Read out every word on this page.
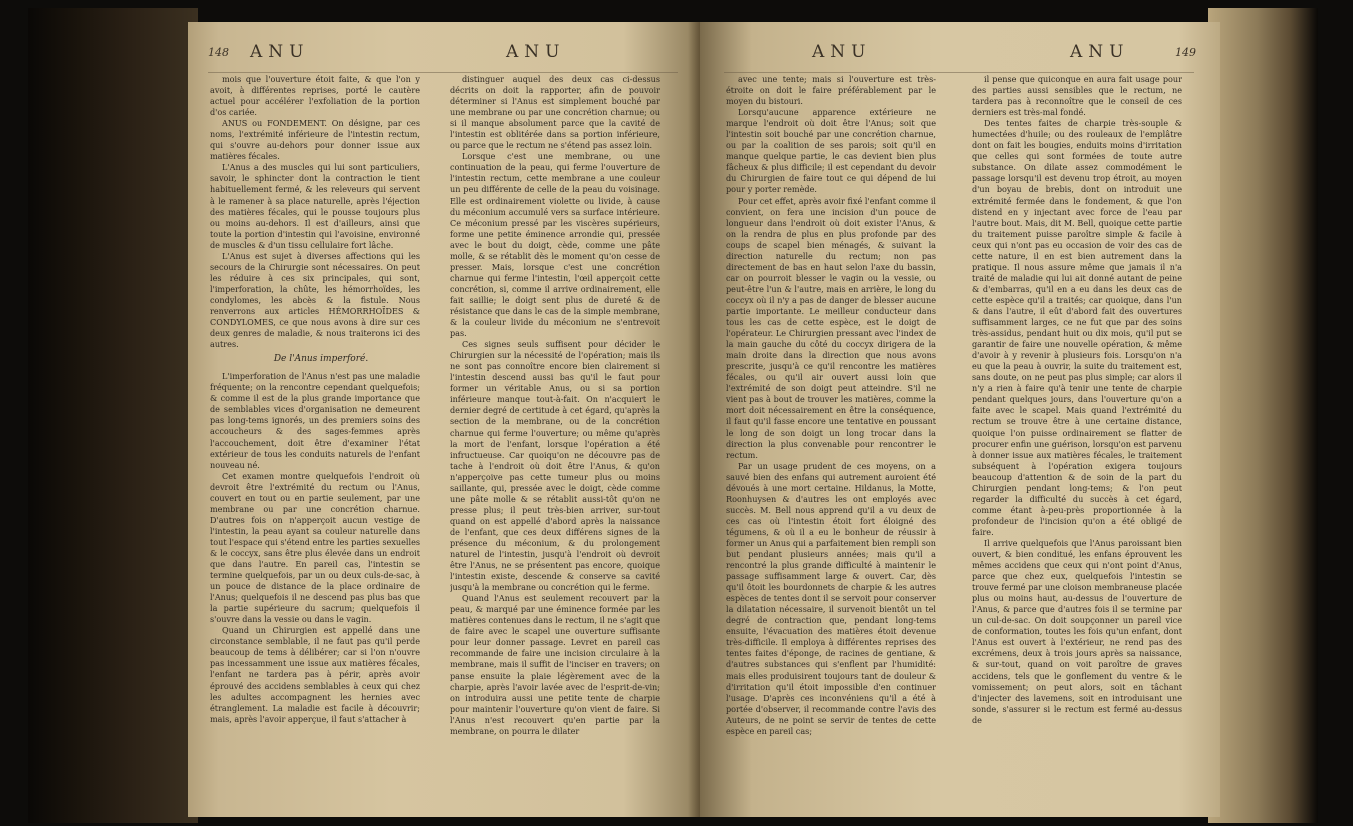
148 ANU	ANU

mois que l'ouverture étoit faite, & que l'on y avoit, à différentes reprises, porté le cautère actuel pour accélérer l'exfoliation de la portion d'os cariée.

ANUS ou FONDEMENT. On désigne, par ces noms, l'extrémité inférieure de l'intestin rectum, qui s'ouvre au-dehors pour donner issue aux matières fécales.

L'Anus a des muscles qui lui sont particuliers, savoir, le sphincter dont la contraction le tient habituellement fermé, & les releveurs qui servent à le ramener à sa place naturelle, après l'éjection des matières fécales, qui le pousse toujours plus ou moins au-dehors. Il est d'ailleurs, ainsi que toute la portion d'intestin qui l'avoisine, environné de muscles & d'un tissu cellulaire fort lâche.

L'Anus est sujet à diverses affections qui les secours de la Chirurgie sont nécessaires. On peut les réduire à ces six principales, qui sont, l'imperforation, la chûte, les hémorrhoïdes, les condylomes, les abcès & la fistule. Nous renverrons aux articles HÉMORRHOÏDES & CONDYLOMES, ce que nous avons à dire sur ces deux genres de maladie, & nous traiterons ici des autres.

De l'Anus imperforé.

L'imperforation de l'Anus n'est pas une maladie fréquente; on la rencontre cependant quelquefois; & comme il est de la plus grande importance que de semblables vices d'organisation ne demeurent pas long-tems ignorés, un des premiers soins des accoucheurs & des sages-femmes après l'accouchement, doit être d'examiner l'état extérieur de tous les conduits naturels de l'enfant nouveau né.

Cet examen montre quelquefois l'endroit où devroit être l'extrémité du rectum ou l'Anus, couvert en tout ou en partie seulement, par une membrane ou par une concrétion charnue. D'autres fois on n'apperçoit aucun vestige de l'intestin, la peau ayant sa couleur naturelle dans tout l'espace qui s'étend entre les parties sexuelles & le coccyx, sans être plus élevée dans un endroit que dans l'autre. En pareil cas, l'intestin se termine quelquefois, par un ou deux culs-de-sac, à un pouce de distance de la place ordinaire de l'Anus; quelquefois il ne descend pas plus bas que la partie supérieure du sacrum; quelquefois il s'ouvre dans la vessie ou dans le vagin.

Quand un Chirurgien est appellé dans une circonstance semblable, il ne faut pas qu'il perde beaucoup de tems à délibérer; car si l'on n'ouvre pas incessamment une issue aux matières fécales, l'enfant ne tardera pas à périr, après avoir éprouvé des accidens semblables à ceux qui chez les adultes accompagnent les hernies avec étranglement. La maladie est facile à découvrir; mais, après l'avoir apperçue, il faut s'attacher à

distinguer auquel des deux cas ci-dessus décrits on doit la rapporter, afin de pouvoir déterminer si l'Anus est simplement bouché par une membrane ou par une concrétion charnue; ou si il manque absolument parce que la cavité de l'intestin est oblitérée dans sa portion inférieure, ou parce que le rectum ne s'étend pas assez loin.

Lorsque c'est une membrane, ou une continuation de la peau, qui ferme l'ouverture de l'intestin rectum, cette membrane a une couleur un peu différente de celle de la peau du voisinage. Elle est ordinairement violette ou livide, à cause du méconium accumulé vers sa surface intérieure. Ce méconium pressé par les viscères supérieurs, forme une petite éminence arrondie qui, pressée avec le bout du doigt, cède, comme une pâte molle, & se rétablit dès le moment qu'on cesse de presser. Mais, lorsque c'est une concrétion charnue qui ferme l'intestin, l'œil apperçoit cette concrétion, si, comme il arrive ordinairement, elle fait saillie; le doigt sent plus de dureté & de résistance que dans le cas de la simple membrane, & la couleur livide du méconium ne s'entrevoit pas.

Ces signes seuls suffisent pour décider le Chirurgien sur la nécessité de l'opération; mais ils ne sont pas connoître encore bien clairement si l'intestin descend aussi bas qu'il le faut pour former un véritable Anus, ou si sa portion inférieure manque tout-à-fait. On n'acquiert le dernier degré de certitude à cet égard, qu'après la section de la membrane, ou de la concrétion charnue qui ferme l'ouverture; ou même qu'après la mort de l'enfant, lorsque l'opération a été infructueuse. Car quoiqu'on ne découvre pas de tache à l'endroit où doit être l'Anus, & qu'on n'apperçoive pas cette tumeur plus ou moins saillante, qui, pressée avec le doigt, cède comme une pâte molle & se rétablit aussi-tôt qu'on ne presse plus; il peut très-bien arriver, sur-tout quand on est appellé d'abord après la naissance de l'enfant, que ces deux différens signes de la présence du méconium, & du prolongement naturel de l'intestin, jusqu'à l'endroit où devroit être l'Anus, ne se présentent pas encore, quoique l'intestin existe, descende & conserve sa cavité jusqu'à la membrane ou concrétion qui le ferme.

Quand l'Anus est seulement recouvert par la peau, & marqué par une éminence formée par les matières contenues dans le rectum, il ne s'agit que de faire avec le scapel une ouverture suffisante pour leur donner passage. Levret en pareil cas recommande de faire une incision circulaire à la membrane, mais il suffit de l'inciser en travers; on panse ensuite la plaie légèrement avec de la charpie, après l'avoir lavée avec de l'esprit-de-vin; on introduira aussi une petite tente de charpie pour maintenir l'ouverture qu'on vient de faire. Si l'Anus n'est recouvert qu'en partie par la membrane, on pourra le dilater

ANU	ANU	149

avec une tente; mais si l'ouverture est très-étroite on doit le faire préférablement par le moyen du bistouri.

Lorsqu'aucune apparence extérieure ne marque l'endroit où doit être l'Anus; soit que l'intestin soit bouché par une concrétion charnue, ou par la coalition de ses parois; soit qu'il en manque quelque partie, le cas devient bien plus fâcheux & plus difficile; il est cependant du devoir du Chirurgien de faire tout ce qui dépend de lui pour y porter remède.

Pour cet effet, après avoir fixé l'enfant comme il convient, on fera une incision d'un pouce de longueur dans l'endroit où doit exister l'Anus, & on la rendra de plus en plus profonde par des coups de scapel bien ménagés, & suivant la direction naturelle du rectum; non pas directement de bas en haut selon l'axe du bassin, car on pourroit blesser le vagin ou la vessie, ou peut-être l'un & l'autre, mais en arrière, le long du coccyx où il n'y a pas de danger de blesser aucune partie importante. Le meilleur conducteur dans tous les cas de cette espèce, est le doigt de l'opérateur. Le Chirurgien pressant avec l'index de la main gauche du côté du coccyx dirigera de la main droite dans la direction que nous avons prescrite, jusqu'à ce qu'il rencontre les matières fécales, ou qu'il air ouvert aussi loin que l'extrémité de son doigt peut atteindre. S'il ne vient pas à bout de trouver les matières, comme la mort doit nécessairement en être la conséquence, il faut qu'il fasse encore une tentative en poussant le long de son doigt un long trocar dans la direction la plus convenable pour rencontrer le rectum.

Par un usage prudent de ces moyens, on a sauvé bien des enfans qui autrement auroient été dévoués à une mort certaine. Hildanus, la Motte, Roonhuysen & d'autres les ont employés avec succès. M. Bell nous apprend qu'il a vu deux de ces cas où l'intestin étoit fort éloigné des tégumens, & où il a eu le bonheur de réussir à former un Anus qui a parfaitement bien rempli son but pendant plusieurs années; mais qu'il a rencontré la plus grande difficulté à maintenir le passage suffisamment large & ouvert. Car, dès qu'il ôtoit les bourdonnets de charpie & les autres espèces de tentes dont il se servoit pour conserver la dilatation nécessaire, il survenoit bientôt un tel degré de contraction que, pendant long-tems ensuite, l'évacuation des matières étoit devenue très-difficile. Il employa à différentes reprises des tentes faites d'éponge, de racines de gentiane, & d'autres substances qui s'enflent par l'humidité: mais elles produisirent toujours tant de douleur & d'irritation qu'il étoit impossible d'en continuer l'usage. D'après ces inconvéniens qu'il a été à portée d'observer, il recommande contre l'avis des Auteurs, de ne point se servir de tentes de cette espèce en pareil cas;

il pense que quiconque en aura fait usage pour des parties aussi sensibles que le rectum, ne tardera pas à reconnoître que le conseil de ces derniers est très-mal fondé.

Des tentes faites de charpie très-souple & humectées d'huile; ou des rouleaux de l'emplâtre dont on fait les bougies, enduits moins d'irritation que celles qui sont formées de toute autre substance. On dilate assez commodément le passage lorsqu'il est devenu trop étroit, au moyen d'un boyau de brebis, dont on introduit une extrémité fermée dans le fondement, & que l'on distend en y injectant avec force de l'eau par l'autre bout. Mais, dit M. Bell, quoique cette partie du traitement puisse paroître simple & facile à ceux qui n'ont pas eu occasion de voir des cas de cette nature, il en est bien autrement dans la pratique. Il nous assure même que jamais il n'a traité de maladie qui lui ait donné autant de peine & d'embarras, qu'il en a eu dans les deux cas de cette espèce qu'il a traités; car quoique, dans l'un & dans l'autre, il eût d'abord fait des ouvertures suffisamment larges, ce ne fut que par des soins très-assidus, pendant huit ou dix mois, qu'il put se garantir de faire une nouvelle opération, & même d'avoir à y revenir à plusieurs fois. Lorsqu'on n'a eu que la peau à ouvrir, la suite du traitement est, sans doute, on ne peut pas plus simple; car alors il n'y a rien à faire qu'à tenir une tente de charpie pendant quelques jours, dans l'ouverture qu'on a faite avec le scapel. Mais quand l'extrémité du rectum se trouve être à une certaine distance, quoique l'on puisse ordinairement se flatter de procurer enfin une guérison, lorsqu'on est parvenu à donner issue aux matières fécales, le traitement subséquent à l'opération exigera toujours beaucoup d'attention & de soin de la part du Chirurgien pendant long-tems; & l'on peut regarder la difficulté du succès à cet égard, comme étant à-peu-près proportionnée à la profondeur de l'incision qu'on a été obligé de faire.

Il arrive quelquefois que l'Anus paroissant bien ouvert, & bien conditué, les enfans éprouvent les mêmes accidens que ceux qui n'ont point d'Anus, parce que chez eux, quelquefois l'intestin se trouve fermé par une cloison membraneuse placée plus ou moins haut, au-dessus de l'ouverture de l'Anus, & parce que d'autres fois il se termine par un cul-de-sac. On doit soupçonner un pareil vice de conformation, toutes les fois qu'un enfant, dont l'Anus est ouvert à l'extérieur, ne rend pas des excrémens, deux à trois jours après sa naissance, & sur-tout, quand on voit paroître de graves accidens, tels que le gonflement du ventre & le vomissement; on peut alors, soit en tâchant d'injecter des lavemens, soit en introduisant une sonde, s'assurer si le rectum est fermé au-dessus de
